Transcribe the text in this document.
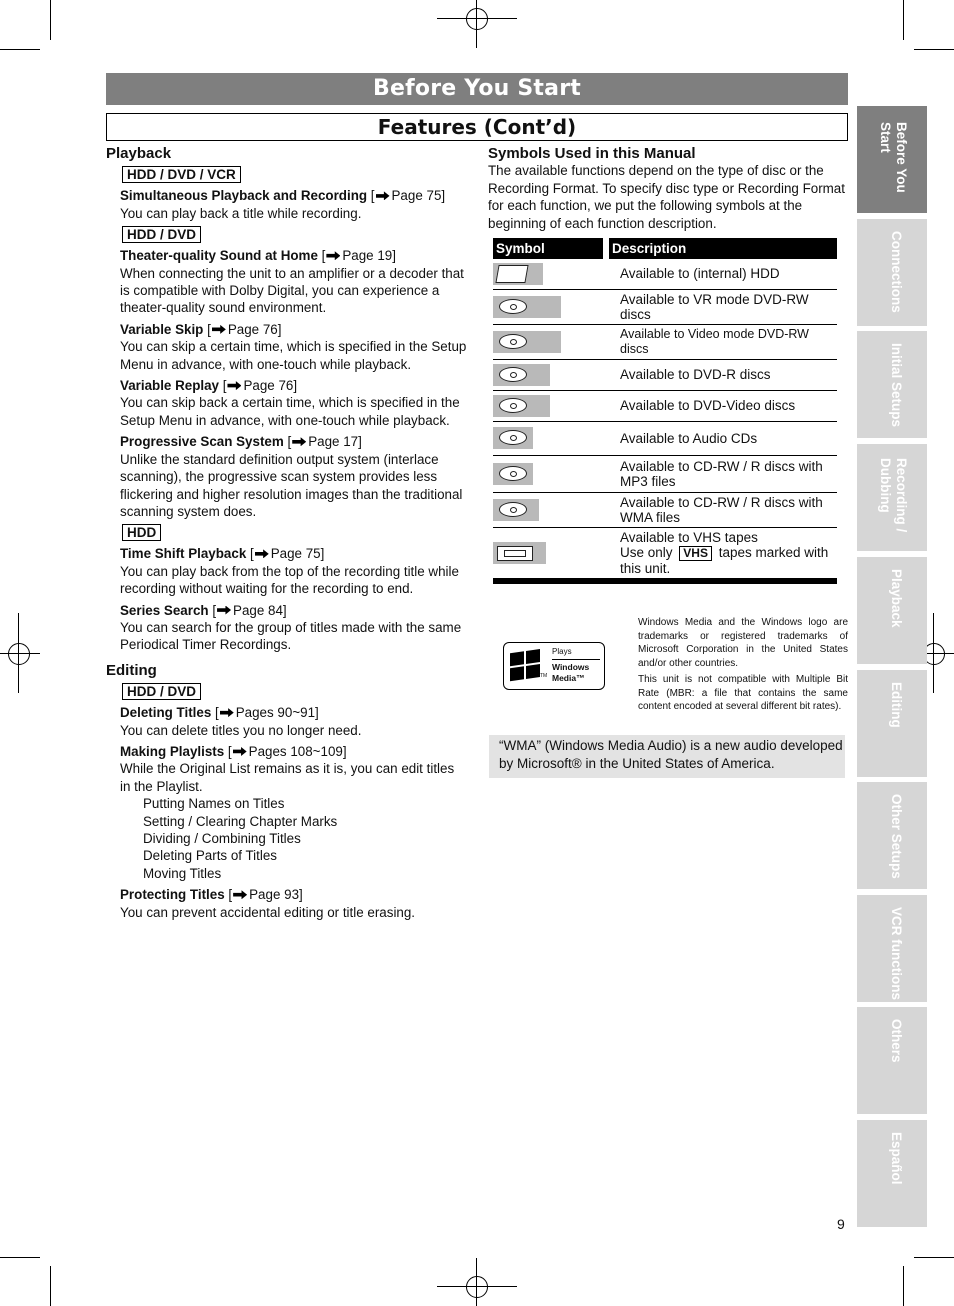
Before You Start
Features (Cont’d)	Before You Start
Connections
Initial Setups
Recording / Dubbing
Playback
Editing
Other Setups
VCR functions
Others
Español
Playback
HDD / DVD / VCR
Simultaneous Playback and Recording [ Page 75]
You can play back a title while recording.
HDD / DVD
Theater-quality Sound at Home [ Page 19]
When connecting the unit to an amplifier or a decoder that is compatible with Dolby Digital, you can experience a theater-quality sound environment.
Variable Skip [ Page 76]
You can skip a certain time, which is specified in the Setup Menu in advance, with one-touch while playback.
Variable Replay [ Page 76]
You can skip back a certain time, which is specified in the Setup Menu in advance, with one-touch while playback.
Progressive Scan System [ Page 17]
Unlike the standard definition output system (interlace scanning), the progressive scan system provides less flickering and higher resolution images than the traditional scanning system does.
HDD
Time Shift Playback [ Page 75]
You can play back from the top of the recording title while recording without waiting for the recording to end.
Series Search [ Page 84]
You can search for the group of titles made with the same Periodical Timer Recordings.
Editing
HDD / DVD
Deleting Titles [ Pages 90~91]
You can delete titles you no longer need.
Making Playlists [ Pages 108~109]
While the Original List remains as it is, you can edit titles in the Playlist.
Putting Names on Titles
Setting / Clearing Chapter Marks
Dividing / Combining Titles
Deleting Parts of Titles
Moving Titles
Protecting Titles [ Page 93]
You can prevent accidental editing or title erasing.
Symbols Used in this Manual
The available functions depend on the type of disc or the Recording Format. To specify disc type or Recording Format for each function, we put the following symbols at the beginning of each function description.
Symbol	Description

	Available to (internal) HDD

	Available to VR mode DVD-RW discs

	Available to Video mode DVD-RW discs

	Available to DVD-R discs

	Available to DVD-Video discs

	Available to Audio CDs

	Available to CD-RW / R discs with MP3 files

	Available to CD-RW / R discs with WMA files

	Available to VHS tapes
Use only VHS tapes marked with
this unit.
TM
Plays
Windows
Media™
Windows Media and the Windows logo are trademarks or registered trademarks of Microsoft Corporation in the United States and/or other countries.
This unit is not compatible with Multiple Bit Rate (MBR: a file that contains the same content encoded at several different bit rates).
“WMA” (Windows Media Audio) is a new audio developed by Microsoft® in the United States of America.
9
